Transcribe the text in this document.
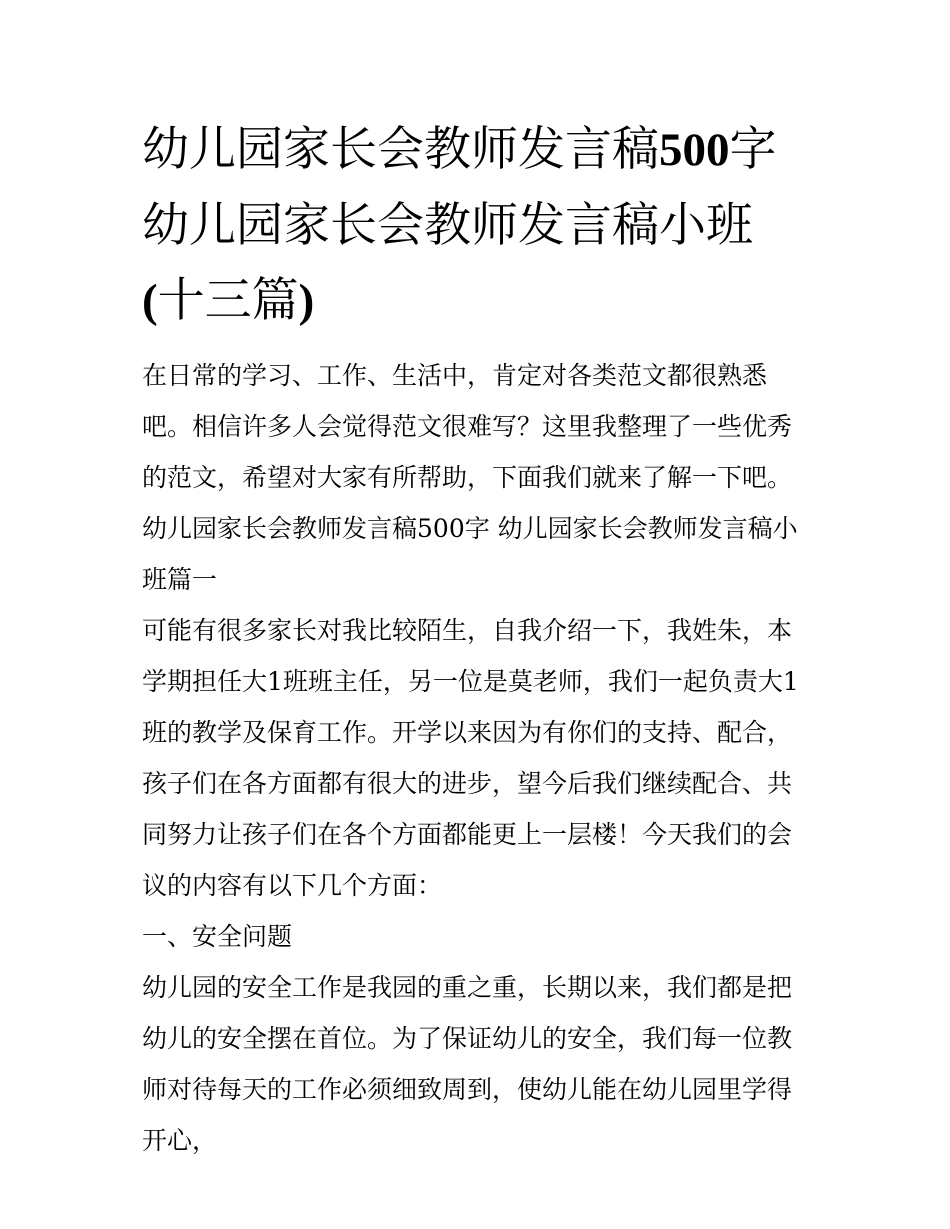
幼儿园家长会教师发言稿500字 幼儿园家长会教师发言稿小班(十三篇)

在日常的学习、工作、生活中，肯定对各类范文都很熟悉吧。相信许多人会觉得范文很难写？这里我整理了一些优秀的范文，希望对大家有所帮助，下面我们就来了解一下吧。

幼儿园家长会教师发言稿500字 幼儿园家长会教师发言稿小班篇一

可能有很多家长对我比较陌生，自我介绍一下，我姓朱，本学期担任大1班班主任，另一位是莫老师，我们一起负责大1班的教学及保育工作。开学以来因为有你们的支持、配合，孩子们在各方面都有很大的进步，望今后我们继续配合、共同努力让孩子们在各个方面都能更上一层楼！今天我们的会议的内容有以下几个方面：

一、安全问题

幼儿园的安全工作是我园的重之重，长期以来，我们都是把幼儿的安全摆在首位。为了保证幼儿的安全，我们每一位教师对待每天的工作必须细致周到，使幼儿能在幼儿园里学得开心，
